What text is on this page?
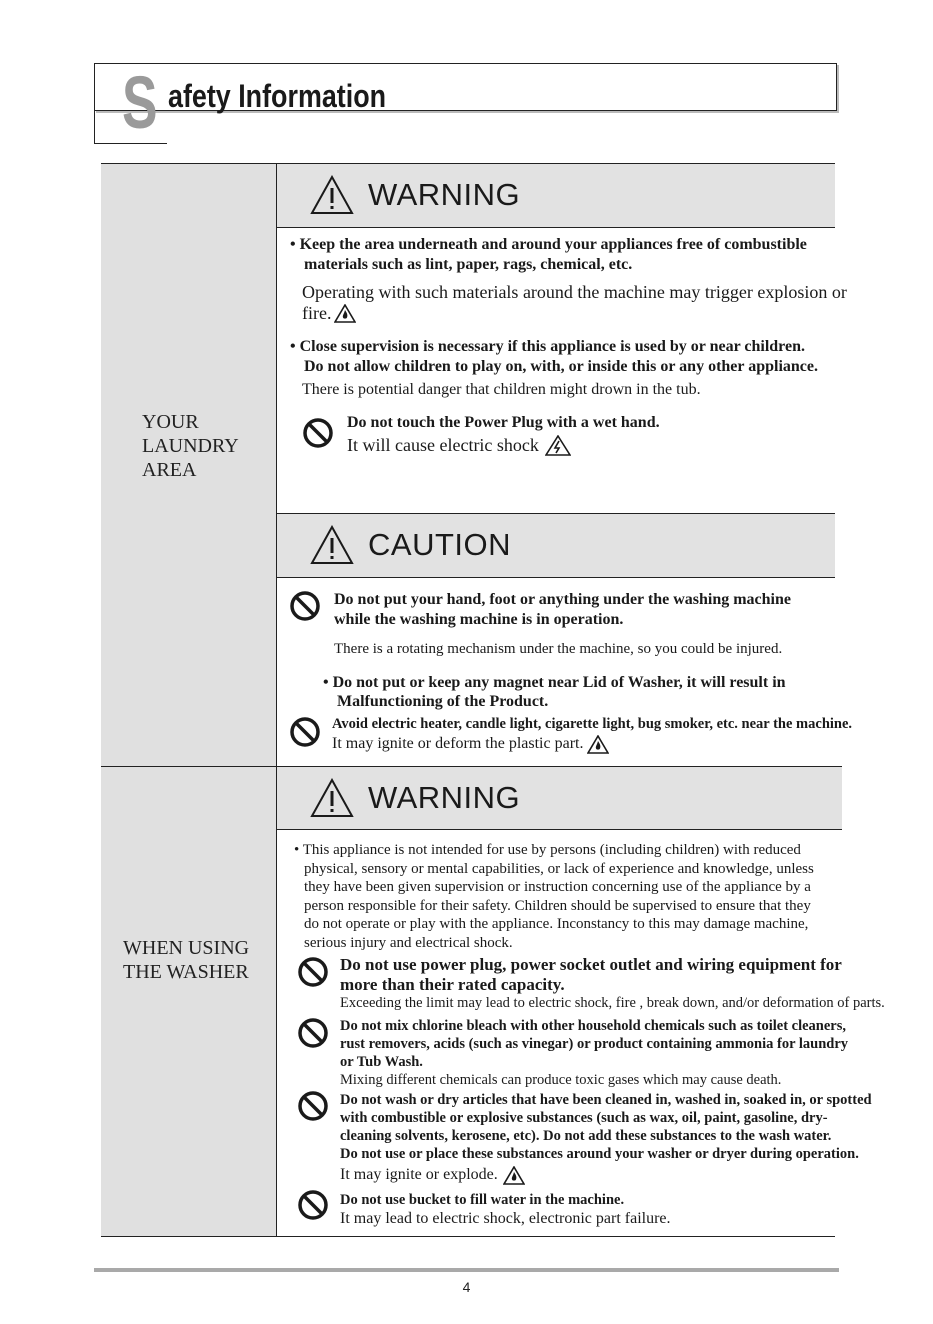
S afety Information
YOUR
LAUNDRY
AREA
WHEN USING
THE WASHER
WARNING
• Keep the area underneath and around your appliances free of combustible
materials such as lint, paper, rags, chemical, etc.
Operating with such materials around the machine may trigger explosion or
fire.
• Close supervision is necessary if this appliance is used by or near children.
Do not allow children to play on, with, or inside this or any other appliance.
There is potential danger that children might drown in the tub.
Do not touch the Power Plug with a wet hand.
It will cause electric shock
CAUTION
Do not put your hand, foot or anything under the washing machine
while the washing machine is in operation.
There is a rotating mechanism under the machine, so you could be injured.
• Do not put or keep any magnet near Lid of Washer, it will result in
Malfunctioning of the Product.
Avoid electric heater, candle light, cigarette light, bug smoker, etc. near the machine.
It may ignite or deform the plastic part.
WARNING
• This appliance is not intended for use by persons (including children) with reduced
physical, sensory or mental capabilities, or lack of experience and knowledge, unless
they have been given supervision or instruction concerning use of the appliance by a
person responsible for their safety. Children should be supervised to ensure that they
do not operate or play with the appliance. Inconstancy to this may damage machine,
serious injury and electrical shock.
Do not use power plug, power socket outlet and wiring equipment for
more than their rated capacity.
Exceeding the limit may lead to electric shock, fire , break down, and/or deformation of parts.
Do not mix chlorine bleach with other household chemicals such as toilet cleaners,
rust removers, acids (such as vinegar) or product containing ammonia for laundry
or Tub Wash.
Mixing different chemicals can produce toxic gases which may cause death.
Do not wash or dry articles that have been cleaned in, washed in, soaked in, or spotted
with combustible or explosive substances (such as wax, oil, paint, gasoline, dry-
cleaning solvents, kerosene, etc). Do not add these substances to the wash water.
Do not use or place these substances around your washer or dryer during operation.
It may ignite or explode.
Do not use bucket to fill water in the machine.
It may lead to electric shock, electronic part failure.
4
